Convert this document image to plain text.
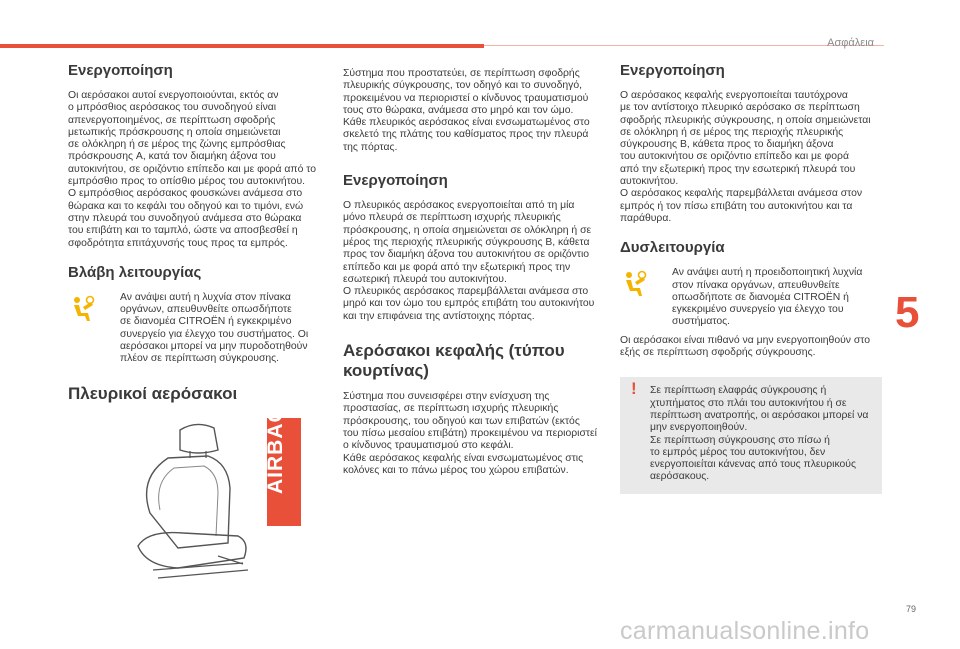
Ασφάλεια
Ενεργοποίηση

Οι αερόσακοι αυτοί ενεργοποιούνται, εκτός αν
ο μπρόσθιος αερόσακος του συνοδηγού είναι
απενεργοποιημένος, σε περίπτωση σφοδρής
μετωπικής πρόσκρουσης η οποία σημειώνεται
σε ολόκληρη ή σε μέρος της ζώνης εμπρόσθιας
πρόσκρουσης A, κατά τον διαμήκη άξονα του
αυτοκινήτου, σε οριζόντιο επίπεδο και με φορά από το
εμπρόσθιο προς το οπίσθιο μέρος του αυτοκινήτου.
Ο εμπρόσθιος αερόσακος φουσκώνει ανάμεσα στο
θώρακα και το κεφάλι του οδηγού και το τιμόνι, ενώ
στην πλευρά του συνοδηγού ανάμεσα στο θώρακα
του επιβάτη και το ταμπλό, ώστε να αποσβεσθεί η
σφοδρότητα επιτάχυνσής τους προς τα εμπρός.

Βλάβη λειτουργίας

Αν ανάψει αυτή η λυχνία στον πίνακα
οργάνων, απευθυνθείτε οπωσδήποτε
σε διανομέα CITROËN ή εγκεκριμένο
συνεργείο για έλεγχο του συστήματος. Οι
αερόσακοι μπορεί να μην πυροδοτηθούν
πλέον σε περίπτωση σύγκρουσης.

Πλευρικοί αερόσακοι
AIRBAG

Σύστημα που προστατεύει, σε περίπτωση σφοδρής
πλευρικής σύγκρουσης, τον οδηγό και το συνοδηγό,
προκειμένου να περιοριστεί ο κίνδυνος τραυματισμού
τους στο θώρακα, ανάμεσα στο μηρό και τον ώμο.
Κάθε πλευρικός αερόσακος είναι ενσωματωμένος στο
σκελετό της πλάτης του καθίσματος προς την πλευρά
της πόρτας.

Ενεργοποίηση

Ο πλευρικός αερόσακος ενεργοποιείται από τη μία
μόνο πλευρά σε περίπτωση ισχυρής πλευρικής
πρόσκρουσης, η οποία σημειώνεται σε ολόκληρη ή σε
μέρος της περιοχής πλευρικής σύγκρουσης B, κάθετα
προς τον διαμήκη άξονα του αυτοκινήτου σε οριζόντιο
επίπεδο και με φορά από την εξωτερική προς την
εσωτερική πλευρά του αυτοκινήτου.
Ο πλευρικός αερόσακος παρεμβάλλεται ανάμεσα στο
μηρό και τον ώμο του εμπρός επιβάτη του αυτοκινήτου
και την επιφάνεια της αντίστοιχης πόρτας.

Αερόσακοι κεφαλής (τύπου κουρτίνας)

Σύστημα που συνεισφέρει στην ενίσχυση της
προστασίας, σε περίπτωση ισχυρής πλευρικής
πρόσκρουσης, του οδηγού και των επιβατών (εκτός
του πίσω μεσαίου επιβάτη) προκειμένου να περιοριστεί
ο κίνδυνος τραυματισμού στο κεφάλι.
Κάθε αερόσακος κεφαλής είναι ενσωματωμένος στις
κολόνες και το πάνω μέρος του χώρου επιβατών.

Ενεργοποίηση

Ο αερόσακος κεφαλής ενεργοποιείται ταυτόχρονα
με τον αντίστοιχο πλευρικό αερόσακο σε περίπτωση
σφοδρής πλευρικής σύγκρουσης, η οποία σημειώνεται
σε ολόκληρη ή σε μέρος της περιοχής πλευρικής
σύγκρουσης B, κάθετα προς το διαμήκη άξονα
του αυτοκινήτου σε οριζόντιο επίπεδο και με φορά
από την εξωτερική προς την εσωτερική πλευρά του
αυτοκινήτου.
Ο αερόσακος κεφαλής παρεμβάλλεται ανάμεσα στον
εμπρός ή τον πίσω επιβάτη του αυτοκινήτου και τα
παράθυρα.

Δυσλειτουργία

Αν ανάψει αυτή η προειδοποιητική λυχνία
στον πίνακα οργάνων, απευθυνθείτε
οπωσδήποτε σε διανομέα CITROËN ή
εγκεκριμένο συνεργείο για έλεγχο του
συστήματος.

Οι αερόσακοι είναι πιθανό να μην ενεργοποιηθούν στο
εξής σε περίπτωση σφοδρής σύγκρουσης.

! Σε περίπτωση ελαφράς σύγκρουσης ή
χτυπήματος στο πλάι του αυτοκινήτου ή σε
περίπτωση ανατροπής, οι αερόσακοι μπορεί να
μην ενεργοποιηθούν.
Σε περίπτωση σύγκρουσης στο πίσω ή
το εμπρός μέρος του αυτοκινήτου, δεν
ενεργοποιείται κάνενας από τους πλευρικούς
αερόσακους.

5
79
carmanualsonline.info
